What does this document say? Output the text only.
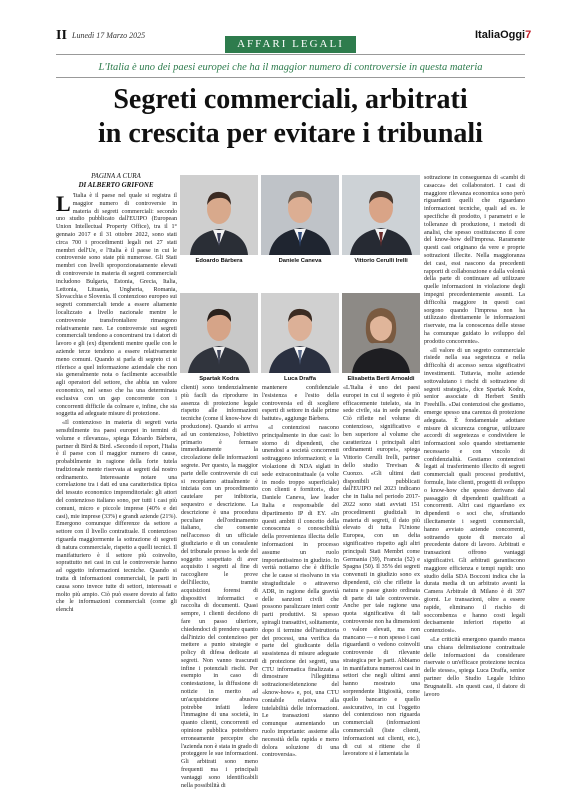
II Lunedì 17 Marzo 2025
AFFARI LEGALI
ItaliaOggi7
L'Italia è uno dei paesi europei che ha il maggior numero di controversie in questa materia
Segreti commerciali, arbitrati
in crescita per evitare i tribunali
PAGINA A CURA
DI ALBERTO GRIFONE

L 'Italia è il paese nel quale si registra il maggior numero di controversie in materia di segreti commerciali: secondo uno studio pubblicato dall'EUIPO (European Union Intellectual Property Office), tra il 1° gennaio 2017 e il 31 ottobre 2022, sono stati circa 700 i procedimenti legali nei 27 stati membri dell'Ue, e l'Italia è il paese in cui le controversie sono state più numerose. Gli Stati membri con livelli sproporzionatamente elevati di controversie in materia di segreti commerciali includono Bulgaria, Estonia, Grecia, Italia, Lettonia, Lituania, Ungheria, Romania, Slovacchia e Slovenia. Il contenzioso europeo sui segreti commerciali tende a essere altamente localizzato a livello nazionale mentre le controversie transfrontaliere rimangono relativamente rare. Le controversie sui segreti commerciali tendono a concentrarsi tra i datori di lavoro e gli (ex) dipendenti mentre quelle con le aziende terze tendono a essere relativamente meno comuni. Quando si parla di segreto ci si riferisce a quel informazione aziendale che non sia generalmente nota o facilmente accessibile agli operatori del settore, che abbia un valore economico, nel senso che ha una determinata esclusiva con un gap concorrente con i concorrenti difficile da colmare e, infine, che sia soggetta ad adeguate misure di protezione.

«Il contenzioso in materia di segreti varia sensibilmente tra paesi europei in termini di volume e rilevanza», spiega Edoardo Bàrbera, partner di Bird & Bird. «Secondo il report, l'Italia è il paese con il maggior numero di cause, probabilmente in ragione della forte tutela tradizionale mente riservata ai segreti dal nostro ordinamento. Interessante notare una correlazione tra i dati ed una caratteristica tipica del tessuto economico imprenditoriale: gli attori del contenzioso italiano sono, per tutti i casi più comuni, micro e piccole imprese (40% e dei casi), mie imprese (33%) e grandi aziende (21%). Emergono comunque differenze da settore a settore con il livello contrattuale. Il contenzioso riguarda maggiormente la sottrazione di segreti di natura commerciale, rispetto a quelli tecnici. Il manifatturiero è il settore più coinvolto, soprattutto nei casi in cui le controversie hanno ad oggetto informazioni tecniche. Quando si tratta di informazioni commerciali, le parti in causa sono invece tutte di settori, interessati e molto più ampio. Ciò può essere dovuto al fatto che le informazioni commerciali (come gli elenchi

Edoardo Bàrbera	Daniele Caneva	Vittorio Cerulli Irelli
Spartak Kodra	Luca Draffa	Elisabetta Berti Arnoaldi

clienti) sono tendenzialmente più facili da riprodurre in assenza di protezione legale rispetto alle informazioni tecniche (come il know-how di produzione). Quando si arriva ad un contenzioso, l'obiettivo primario è fermare immediatamente la circolazione delle informazioni segrete. Per questo, la maggior parte delle controversie di cui si recepiamo attualmente è iniziata con un procedimento cautelare per inibitoria, sequestro e descrizione. La descrizione è una procedura peculiare dell'ordinamento italiano, che consente nell'accesso di un ufficiale giudiziario e di un consulente del tribunale presso la sede del soggetto sospettato di aver acquisito i segreti al fine di raccogliere le prove dell'illecito, tramite acquisizioni forensi di dispositivi informatici e raccolta di documenti. Quasi sempre, i clienti decidono di fare un passo ulteriore, chiedendoci di prendere quanto dall'inizio del contenzioso per mettere a punto strategie e policy di difesa dedicate ai segreti. Non vanno trascurati infine i potenziali rischi. Per esempio in caso di contestazione, la diffusione di notizie in merito ad un'acquisizione abusiva potrebbe infatti ledere l'immagine di una società, in quanto clienti, concorrenti ed opinione pubblica potrebbero erroneamente percepire che l'azienda non è stata in grado di proteggere le sue informazioni. Gli arbitrati sono meno frequenti ma i principali vantaggi sono identificabili nella possibilità di

mantenere confidenziale l'esistenza e l'esito della controversia ed di scegliere esperti di settore in dalle prime battute», aggiunge Bàrbera.

«I contenziosi nascono principalmente in due casi: lo storno di dipendenti, che unendosi a società concorrenti sottraggono informazioni; e la violazione di NDA siglati in sede extracontrattuale (a volte in modo troppo superficiale) con clienti e fornitori», dice Daniele Caneva, law leader Italia e responsabile del dipartimento IP di EY. «In questi ambiti il concetto della conoscenza o conoscibilità della provenienza illecita delle informazioni in processo assume un ruolo importantissimo in giudizio. In verità notiamo che è difficile che le cause si risolvano in via stragiudiziale o attraverso ADR, in ragione della gravità delle sanzioni civili che possono paralizzare interi contr parti produttivi. Si spesso spiragli transattivi, solitamente, dopo il termine dell'istruttoria dei processi, una verifica da parte del giudicante della sussistenza di misure adeguate di protezione dei segreti, una CTU informatica finalizzata a dimostrare l'illegittima sottrazione/detenzione del «know-how» e, poi, una CTU contabile relativa alla tutelabilità delle informazioni. Le transazioni stanno comunque aumentando un ruolo importante: assieme alla necessità della rapida e meno dolora soluzione di una controversia».

«L'Italia è uno dei paesi europei in cui il segreto è più efficacemente tutelato, sia in sede civile, sia in sede penale. Ciò riflette nel volume di contenzioso, significativo e ben superiore al volume che caratterizza i principali altri ordinamenti europei», spiega Vittorio Cerulli Irelli, partner dello studio Trevisan & Cuonzo. «Gli ultimi dati disponibili pubblicati dall'EUIPO nel 2023 indicano che in Italia nel periodo 2017-2022 sono stati avviati 151 procedimenti giudiziali in materia di segreti, il dato più elevato di tutta l'Unione Europea, con un delta significativo rispetto agli altri principali Stati Membri come Germania (39), Francia (52) e Spagna (50). Il 35% dei segreti convenuti in giudizio sono ex dipendenti, ciò che riflette la natura e passe giusto ordinata di parte di tale controversie. Anche per tale ragione una quota significativa di tali controversie non ha dimensioni o valore elevati, ma non mancano — e non spesso i casi riguardanti o vedono coinvolti controversie di rilevante strategica per le parti. Abbiamo in manifattura numerosi casi in settori che negli ultimi anni hanno mostrato una sorprendente litigiosità, come quello bancario e quello assicurativo, in cui l'oggetto del contenzioso non riguarda commerciali (informazioni commerciali (liste clienti, informazioni sui clienti, etc.), di cui si ritiene che il lavoratore si è lamentata la

sottrazione in conseguenza di «cambi di casacca» dei collaboratori. I casi di maggiore rilevanza economica sono però riguardanti quelli che riguardano informazioni tecniche, quali ad es. le specifiche di prodotto, i parametri e le tolleranze di produzione, i metodi di analisi, che spesso costituiscono il core del know-how dell'impresa. Raramente questi casi originano da vere e proprie sottrazioni illecite. Nella maggioranza dei casi, essi nascono da precedenti rapporti di collaborazione e dalla volontà della parte di continuare ad utilizzare quelle informazioni in violazione degli impegni precedentemente assunti. La difficoltà maggiore in questi casi sorgono quando l'impresa non ha utilizzato direttamente le informazioni riservate, ma la conoscenza delle stesse ha comunque guidato lo sviluppo del prodotto concorrente».

«Il valore di un segreto commerciale risiede nella sua segretezza e nella difficoltà di accesso senza significativi investimenti. Tuttavia, molte aziende sottovalutano i rischi di sottrazione di segreti strategici», dice Spartak Kodra, senior associate di Herbert Smith Freehills. «Dai contenziosi che gestiamo, emerge spesso una carenza di protezione adeguata. È fondamentale adottare misure di sicurezza congrue, utilizzare accordi di segretezza e condividere le informazioni solo quando strettamente necessario e con vincolo di confidenzialità. Gestiamo contenziosi legati al trasferimento illecito di segreti commerciali quali processi produttivi, formule, liste clienti, progetti di sviluppo o know-how che spesso derivano dal passaggio di dipendenti qualificati a concorrenti. Altri casi riguardano ex dipendenti o soci che, sfruttando illecitamente i segreti commerciali, hanno avviato aziende concorrenti, sottraendo quote di mercato al precedente datore di lavoro. Arbitrati e transazioni offrono vantaggi significativi. Gli arbitrati garantiscono maggiore efficienza e tempi rapidi: uno studio della SDA Bocconi indica che la durata media di un arbitrato avanti la Camera Arbitrale di Milano è di 397 giorni. Le transazioni, oltre a essere rapide, eliminano il rischio di soccombenza e hanno costi legali decisamente inferiori rispetto ai contenziosi».

«Le criticità emergono quando manca una chiara delimitazione contrattuale delle informazioni da considerare riservate o un'efficace protezione tecnica delle stesse», spiega Luca Draffa, senior partner dello Studio Legale Ichino Brugnatelli. «In questi casi, il datore di lavoro
